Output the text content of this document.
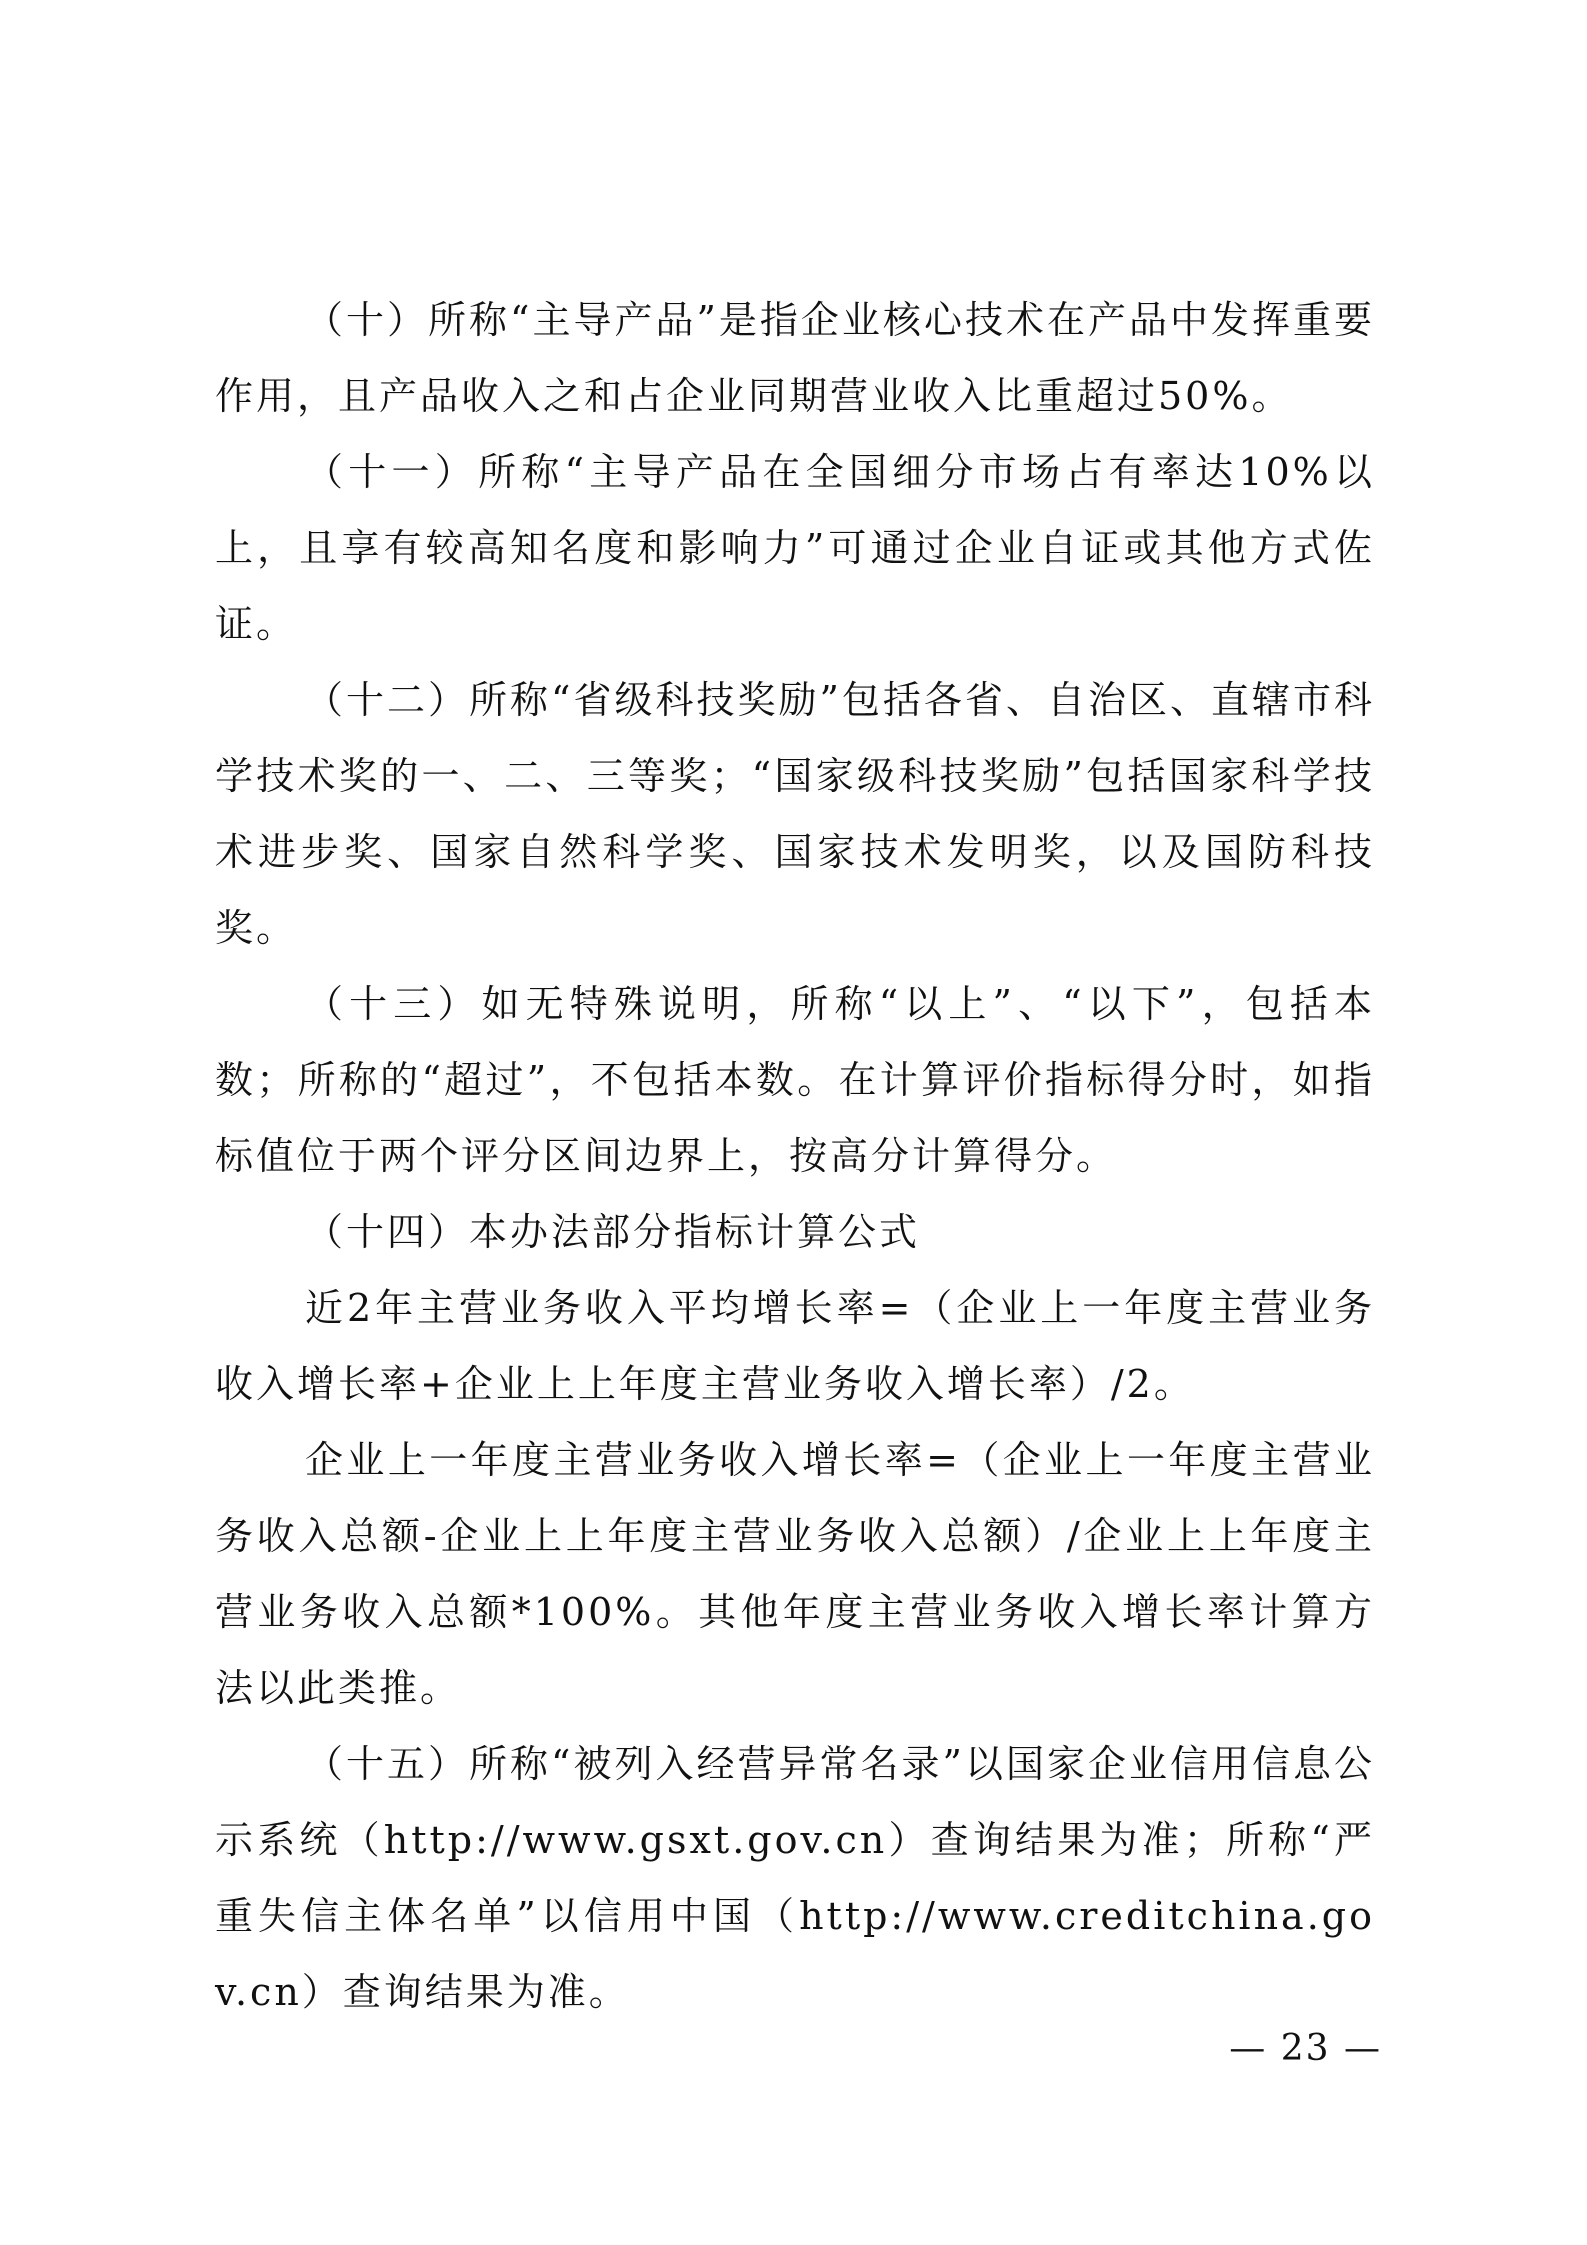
（十）所称“主导产品”是指企业核心技术在产品中发挥重要作用，且产品收入之和占企业同期营业收入比重超过50%。

（十一）所称“主导产品在全国细分市场占有率达10%以上，且享有较高知名度和影响力”可通过企业自证或其他方式佐证。

（十二）所称“省级科技奖励”包括各省、自治区、直辖市科学技术奖的一、二、三等奖；“国家级科技奖励”包括国家科学技术进步奖、国家自然科学奖、国家技术发明奖，以及国防科技奖。

（十三）如无特殊说明，所称“以上”、“以下”，包括本数；所称的“超过”，不包括本数。在计算评价指标得分时，如指标值位于两个评分区间边界上，按高分计算得分。

（十四）本办法部分指标计算公式

近2年主营业务收入平均增长率=（企业上一年度主营业务收入增长率+企业上上年度主营业务收入增长率）/2。

企业上一年度主营业务收入增长率=（企业上一年度主营业务收入总额-企业上上年度主营业务收入总额）/企业上上年度主营业务收入总额*100%。其他年度主营业务收入增长率计算方法以此类推。

（十五）所称“被列入经营异常名录”以国家企业信用信息公示系统（http://www.gsxt.gov.cn）查询结果为准；所称“严重失信主体名单”以信用中国（http://www.creditchina.gov.cn）查询结果为准。

— 23 —
